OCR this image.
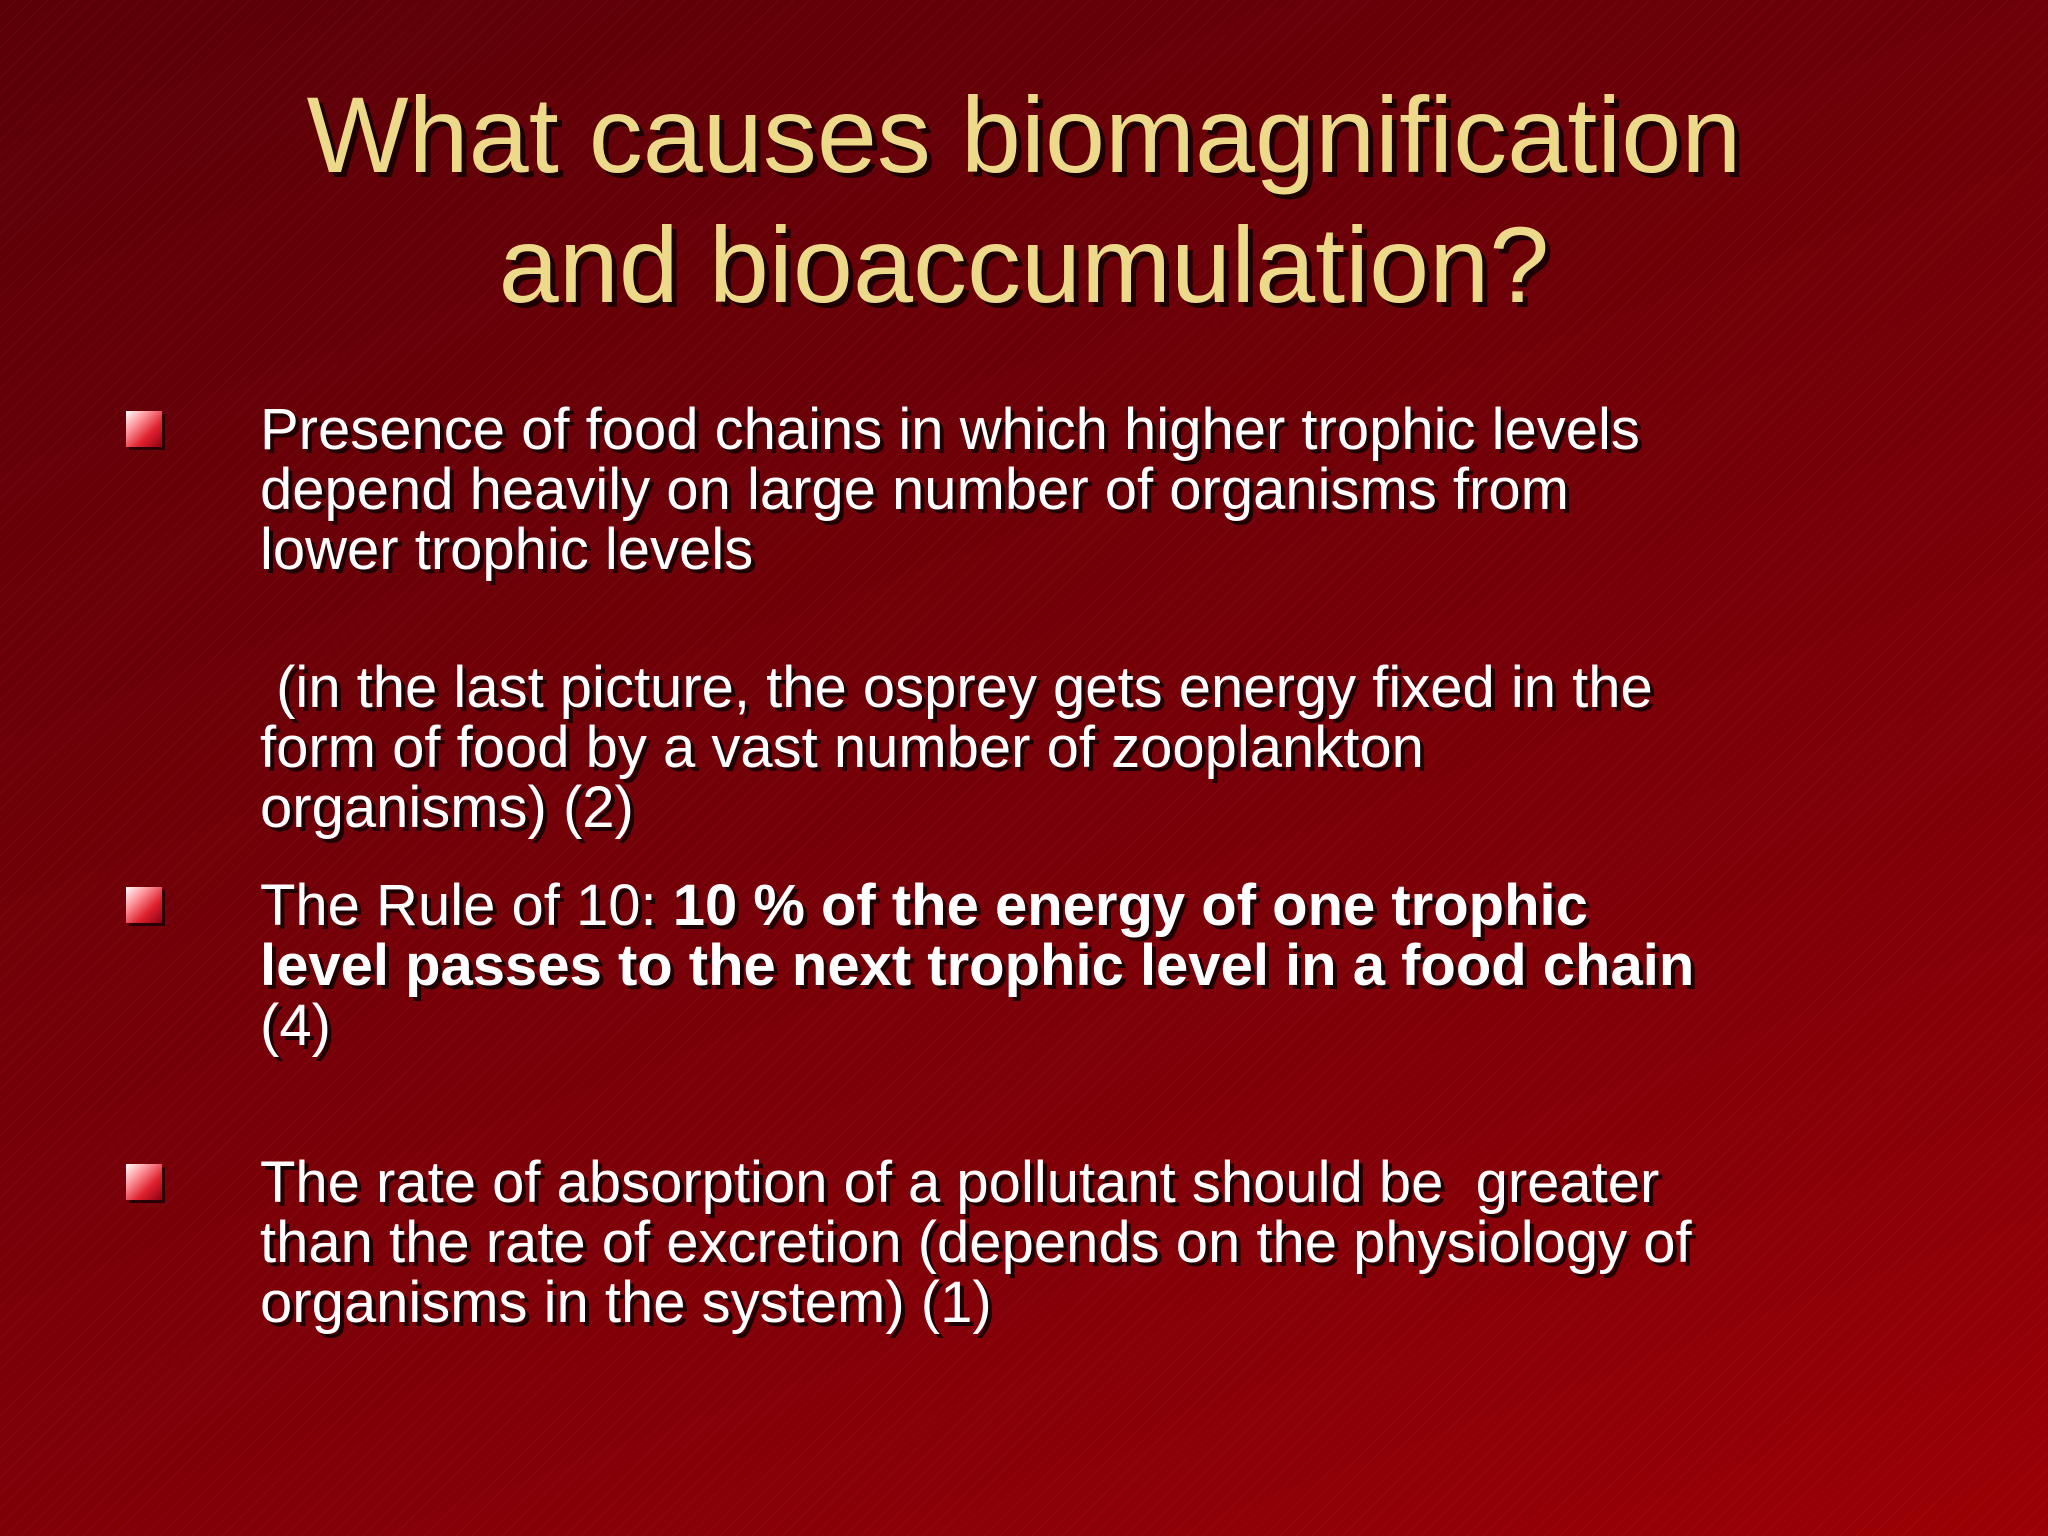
What causes biomagnification
and bioaccumulation?

Presence of food chains in which higher trophic levels
depend heavily on large number of organisms from
lower trophic levels

(in the last picture, the osprey gets energy fixed in the
form of food by a vast number of zooplankton
organisms) (2)

The Rule of 10: 10 % of the energy of one trophic
level passes to the next trophic level in a food chain
(4)

The rate of absorption of a pollutant should be  greater
than the rate of excretion (depends on the physiology of
organisms in the system) (1)
